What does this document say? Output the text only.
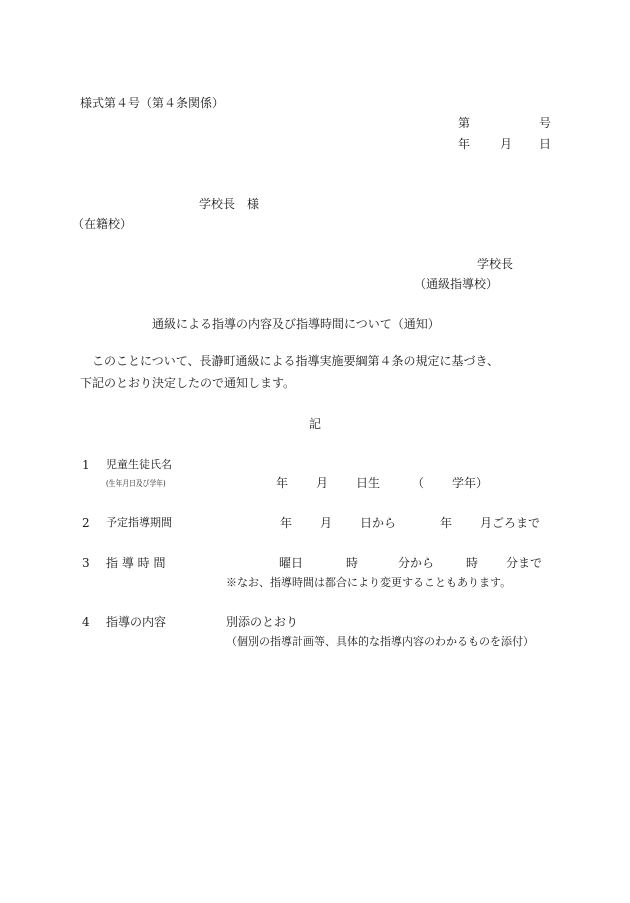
様式第４号（第４条関係）
第	号
年 月 日
学校長　様
（在籍校）
学校長
（通級指導校）
通級による指導の内容及び指導時間について（通知）
このことについて、長瀞町通級による指導実施要綱第４条の規定に基づき、
下記のとおり決定したので通知します。
記
1 児童生徒氏名
(生年月日及び学年)	年 月 日生	（ 学年）
2 予定指導期間	年 月 日から	年 月ごろまで
3 指 導 時 間	曜日	時	分から	時 分まで
※なお、指導時間は都合により変更することもあります。
4 指導の内容	別添のとおり
（個別の指導計画等、具体的な指導内容のわかるものを添付）
